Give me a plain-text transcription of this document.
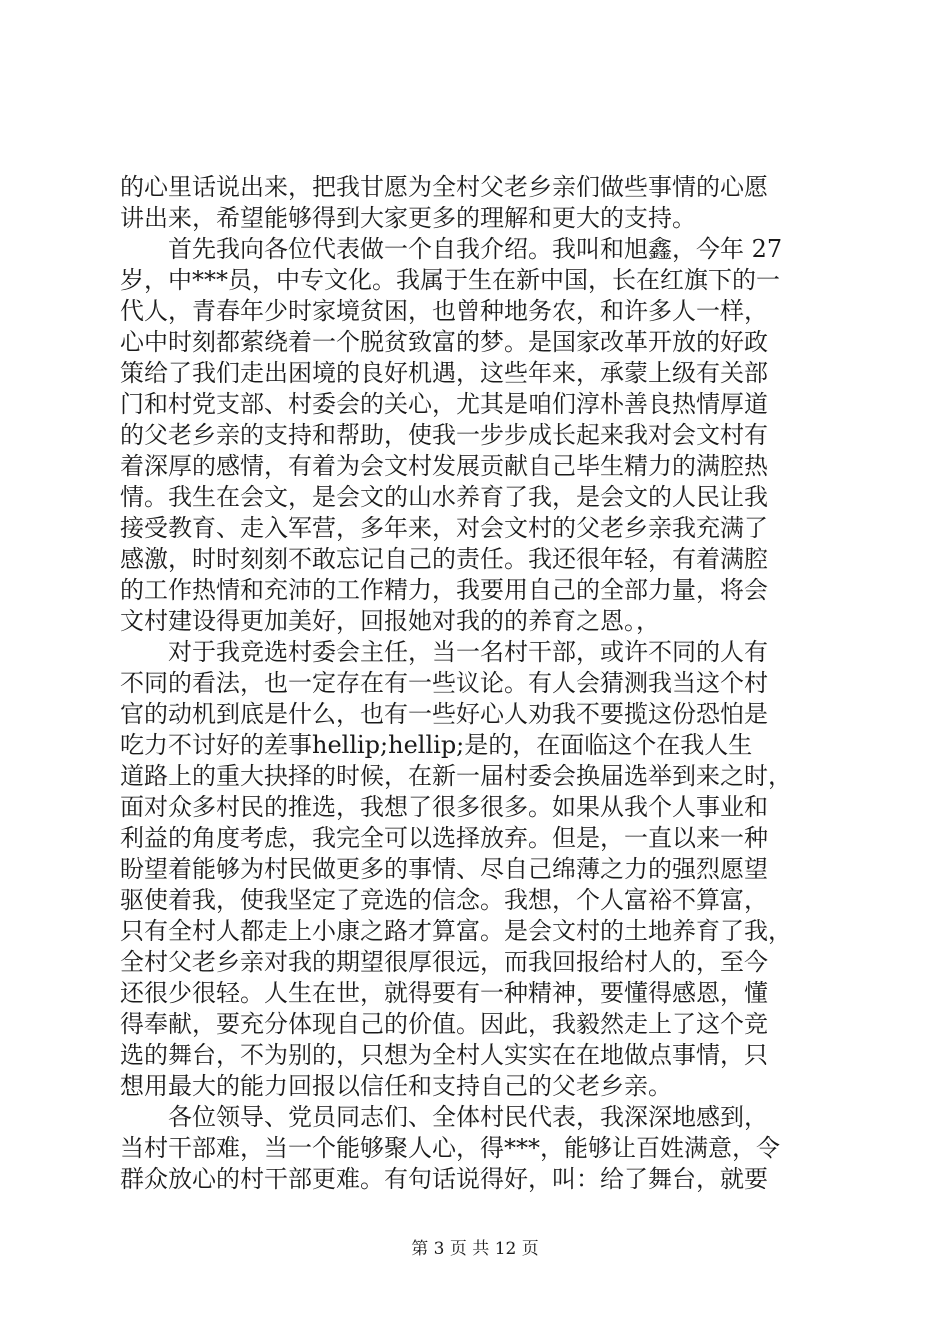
的心里话说出来，把我甘愿为全村父老乡亲们做些事情的心愿
讲出来，希望能够得到大家更多的理解和更大的支持。
　　首先我向各位代表做一个自我介绍。我叫和旭鑫，今年 27
岁，中***员，中专文化。我属于生在新中国，长在红旗下的一
代人，青春年少时家境贫困，也曾种地务农，和许多人一样，
心中时刻都萦绕着一个脱贫致富的梦。是国家改革开放的好政
策给了我们走出困境的良好机遇，这些年来，承蒙上级有关部
门和村党支部、村委会的关心，尤其是咱们淳朴善良热情厚道
的父老乡亲的支持和帮助，使我一步步成长起来我对会文村有
着深厚的感情，有着为会文村发展贡献自己毕生精力的满腔热
情。我生在会文，是会文的山水养育了我，是会文的人民让我
接受教育、走入军营，多年来，对会文村的父老乡亲我充满了
感激，时时刻刻不敢忘记自己的责任。我还很年轻，有着满腔
的工作热情和充沛的工作精力，我要用自己的全部力量，将会
文村建设得更加美好，回报她对我的的养育之恩。，
　　对于我竞选村委会主任，当一名村干部，或许不同的人有
不同的看法，也一定存在有一些议论。有人会猜测我当这个村
官的动机到底是什么，也有一些好心人劝我不要揽这份恐怕是
吃力不讨好的差事hellip;hellip;是的，在面临这个在我人生
道路上的重大抉择的时候，在新一届村委会换届选举到来之时，
面对众多村民的推选，我想了很多很多。如果从我个人事业和
利益的角度考虑，我完全可以选择放弃。但是，一直以来一种
盼望着能够为村民做更多的事情、尽自己绵薄之力的强烈愿望
驱使着我，使我坚定了竞选的信念。我想，个人富裕不算富，
只有全村人都走上小康之路才算富。是会文村的土地养育了我，
全村父老乡亲对我的期望很厚很远，而我回报给村人的，至今
还很少很轻。人生在世，就得要有一种精神，要懂得感恩，懂
得奉献，要充分体现自己的价值。因此，我毅然走上了这个竞
选的舞台，不为别的，只想为全村人实实在在地做点事情，只
想用最大的能力回报以信任和支持自己的父老乡亲。
　　各位领导、党员同志们、全体村民代表，我深深地感到，
当村干部难，当一个能够聚人心，得***，能够让百姓满意，令
群众放心的村干部更难。有句话说得好，叫：给了舞台，就要
第 3 页 共 12 页
